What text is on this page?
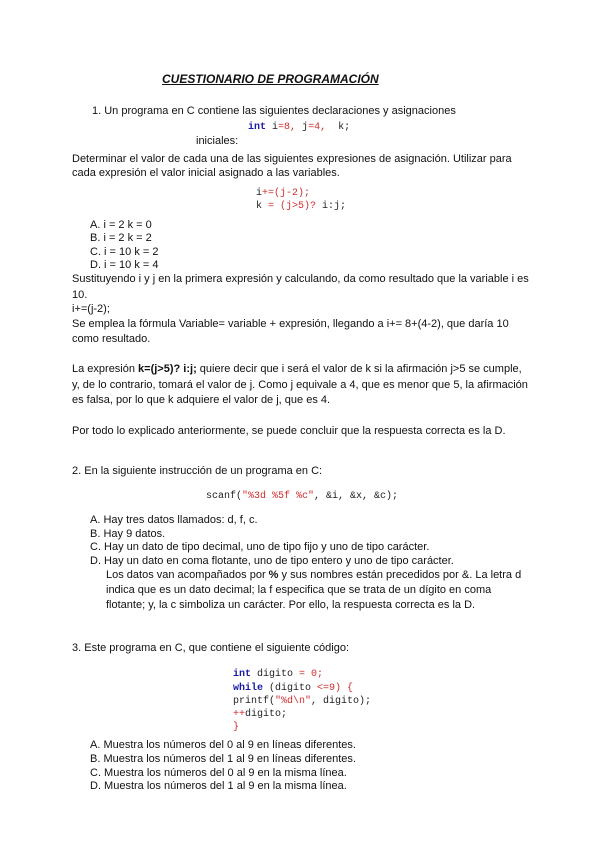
CUESTIONARIO DE PROGRAMACIÓN
1. Un programa en C contiene las siguientes declaraciones y asignaciones
int i=8, j=4,  k;
iniciales:
Determinar el valor de cada una de las siguientes expresiones de asignación. Utilizar para
cada expresión el valor inicial asignado a las variables.
i+=(j-2);
k = (j>5)? i:j;
A. i = 2 k = 0
B. i = 2 k = 2
C. i = 10 k = 2
D. i = 10 k = 4
Sustituyendo i y j en la primera expresión y calculando, da como resultado que la variable i es
10.
i+=(j-2);
Se emplea la fórmula Variable= variable + expresión, llegando a i+= 8+(4-2), que daría 10
como resultado.
La expresión k=(j>5)? i:j; quiere decir que i será el valor de k si la afirmación j>5 se cumple,
y, de lo contrario, tomará el valor de j. Como j equivale a 4, que es menor que 5, la afirmación
es falsa, por lo que k adquiere el valor de j, que es 4.
Por todo lo explicado anteriormente, se puede concluir que la respuesta correcta es la D.
2. En la siguiente instrucción de un programa en C:
scanf("%3d %5f %c", &i, &x, &c);
A. Hay tres datos llamados: d, f, c.
B. Hay 9 datos.
C. Hay un dato de tipo decimal, uno de tipo fijo y uno de tipo carácter.
D. Hay un dato en coma flotante, uno de tipo entero y uno de tipo carácter.
Los datos van acompañados por % y sus nombres están precedidos por &. La letra d
indica que es un dato decimal; la f especifica que se trata de un dígito en coma
flotante; y, la c simboliza un carácter. Por ello, la respuesta correcta es la D.
3. Este programa en C, que contiene el siguiente código:
int digito = 0;
while (digito <=9) {
printf("%d\n", digito);
++digito;
}
A. Muestra los números del 0 al 9 en líneas diferentes.
B. Muestra los números del 1 al 9 en líneas diferentes.
C. Muestra los números del 0 al 9 en la misma línea.
D. Muestra los números del 1 al 9 en la misma línea.
